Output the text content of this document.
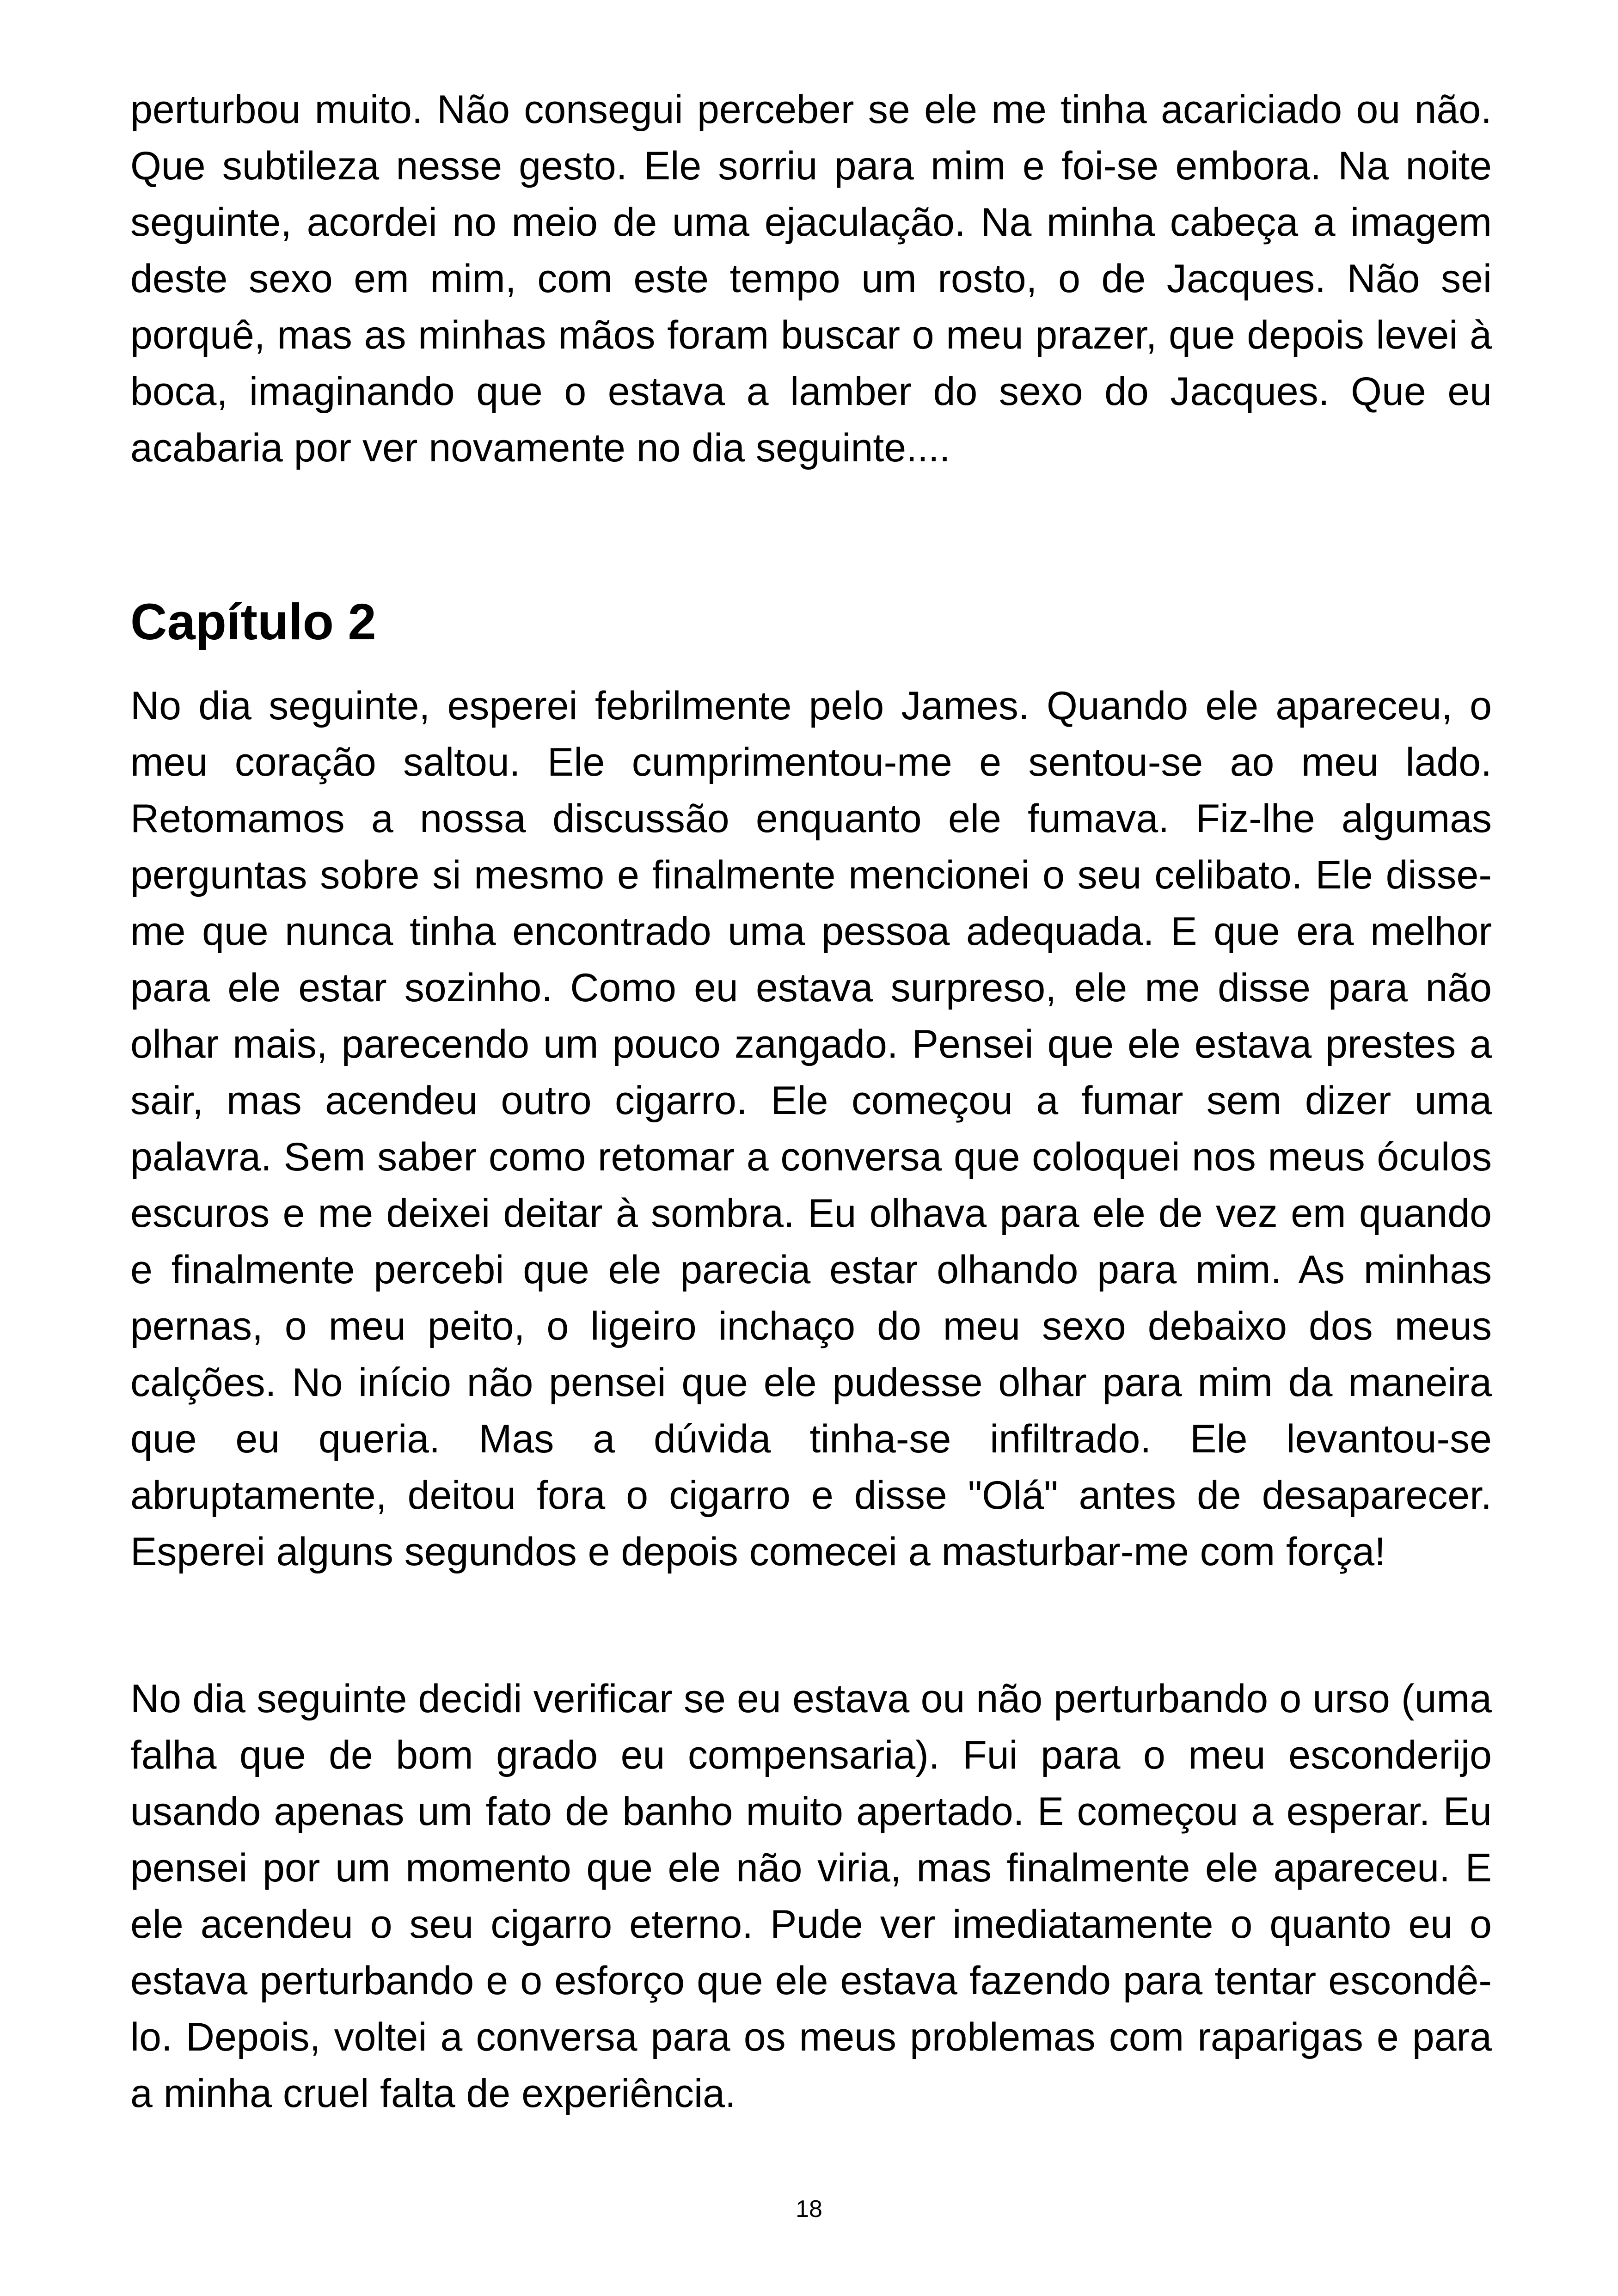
perturbou muito. Não consegui perceber se ele me tinha acariciado ou não. Que subtileza nesse gesto. Ele sorriu para mim e foi-se embora. Na noite seguinte, acordei no meio de uma ejaculação. Na minha cabeça a imagem deste sexo em mim, com este tempo um rosto, o de Jacques. Não sei porquê, mas as minhas mãos foram buscar o meu prazer, que depois levei à boca, imaginando que o estava a lamber do sexo do Jacques. Que eu acabaria por ver novamente no dia seguinte....

Capítulo 2

No dia seguinte, esperei febrilmente pelo James. Quando ele apareceu, o meu coração saltou. Ele cumprimentou-me e sentou-se ao meu lado. Retomamos a nossa discussão enquanto ele fumava. Fiz-lhe algumas perguntas sobre si mesmo e finalmente mencionei o seu celibato. Ele disse-me que nunca tinha encontrado uma pessoa adequada. E que era melhor para ele estar sozinho. Como eu estava surpreso, ele me disse para não olhar mais, parecendo um pouco zangado. Pensei que ele estava prestes a sair, mas acendeu outro cigarro. Ele começou a fumar sem dizer uma palavra. Sem saber como retomar a conversa que coloquei nos meus óculos escuros e me deixei deitar à sombra. Eu olhava para ele de vez em quando e finalmente percebi que ele parecia estar olhando para mim. As minhas pernas, o meu peito, o ligeiro inchaço do meu sexo debaixo dos meus calções. No início não pensei que ele pudesse olhar para mim da maneira que eu queria. Mas a dúvida tinha-se infiltrado. Ele levantou-se abruptamente, deitou fora o cigarro e disse "Olá" antes de desaparecer. Esperei alguns segundos e depois comecei a masturbar-me com força!

No dia seguinte decidi verificar se eu estava ou não perturbando o urso (uma falha que de bom grado eu compensaria). Fui para o meu esconderijo usando apenas um fato de banho muito apertado. E começou a esperar. Eu pensei por um momento que ele não viria, mas finalmente ele apareceu. E ele acendeu o seu cigarro eterno. Pude ver imediatamente o quanto eu o estava perturbando e o esforço que ele estava fazendo para tentar escondê-lo. Depois, voltei a conversa para os meus problemas com raparigas e para a minha cruel falta de experiência.

18
